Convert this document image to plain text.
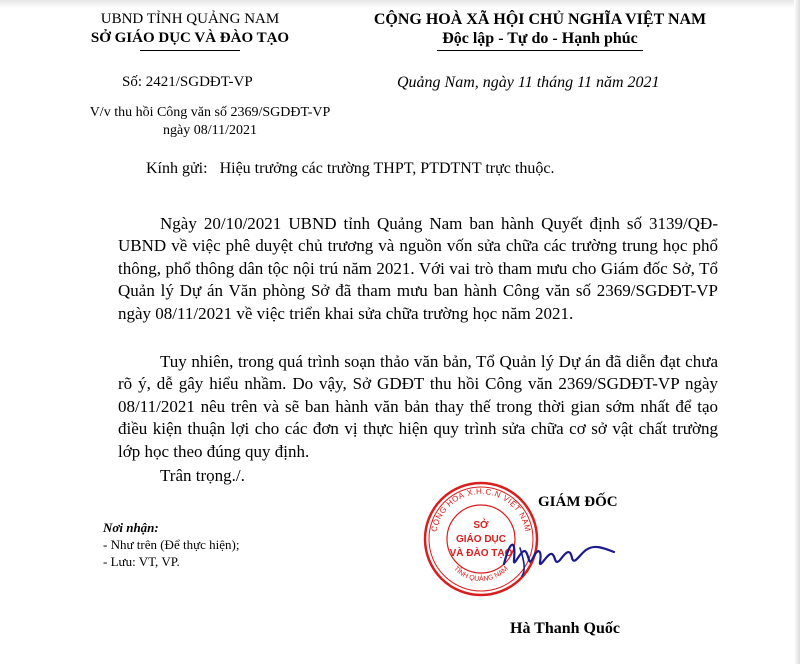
UBND TỈNH QUẢNG NAM
SỞ GIÁO DỤC VÀ ĐÀO TẠO
CỘNG HOÀ XÃ HỘI CHỦ NGHĨA VIỆT NAM
Độc lập - Tự do - Hạnh phúc
Số: 2421/SGDĐT-VP	Quảng Nam, ngày 11 tháng 11 năm 2021
V/v thu hồi Công văn số 2369/SGDĐT-VP ngày 08/11/2021
Kính gửi: Hiệu trưởng các trường THPT, PTDTNT trực thuộc.

Ngày 20/10/2021 UBND tỉnh Quảng Nam ban hành Quyết định số 3139/QĐ-UBND về việc phê duyệt chủ trương và nguồn vốn sửa chữa các trường trung học phổ thông, phổ thông dân tộc nội trú năm 2021. Với vai trò tham mưu cho Giám đốc Sở, Tổ Quản lý Dự án Văn phòng Sở đã tham mưu ban hành Công văn số 2369/SGDĐT-VP ngày 08/11/2021 về việc triển khai sửa chữa trường học năm 2021.

Tuy nhiên, trong quá trình soạn thảo văn bản, Tổ Quản lý Dự án đã diễn đạt chưa rõ ý, dễ gây hiểu nhầm. Do vậy, Sở GDĐT thu hồi Công văn 2369/SGDĐT-VP ngày 08/11/2021 nêu trên và sẽ ban hành văn bản thay thế trong thời gian sớm nhất để tạo điều kiện thuận lợi cho các đơn vị thực hiện quy trình sửa chữa cơ sở vật chất trường lớp học theo đúng quy định.

Trân trọng./.
Nơi nhận:
- Như trên (Để thực hiện);
- Lưu: VT, VP.
GIÁM ĐỐC
CỘNG HOÀ X.H.C.N VIỆT NAM
TỈNH QUẢNG NAM
SỞ
GIÁO DỤC
VÀ ĐÀO TẠO
Hà Thanh Quốc
